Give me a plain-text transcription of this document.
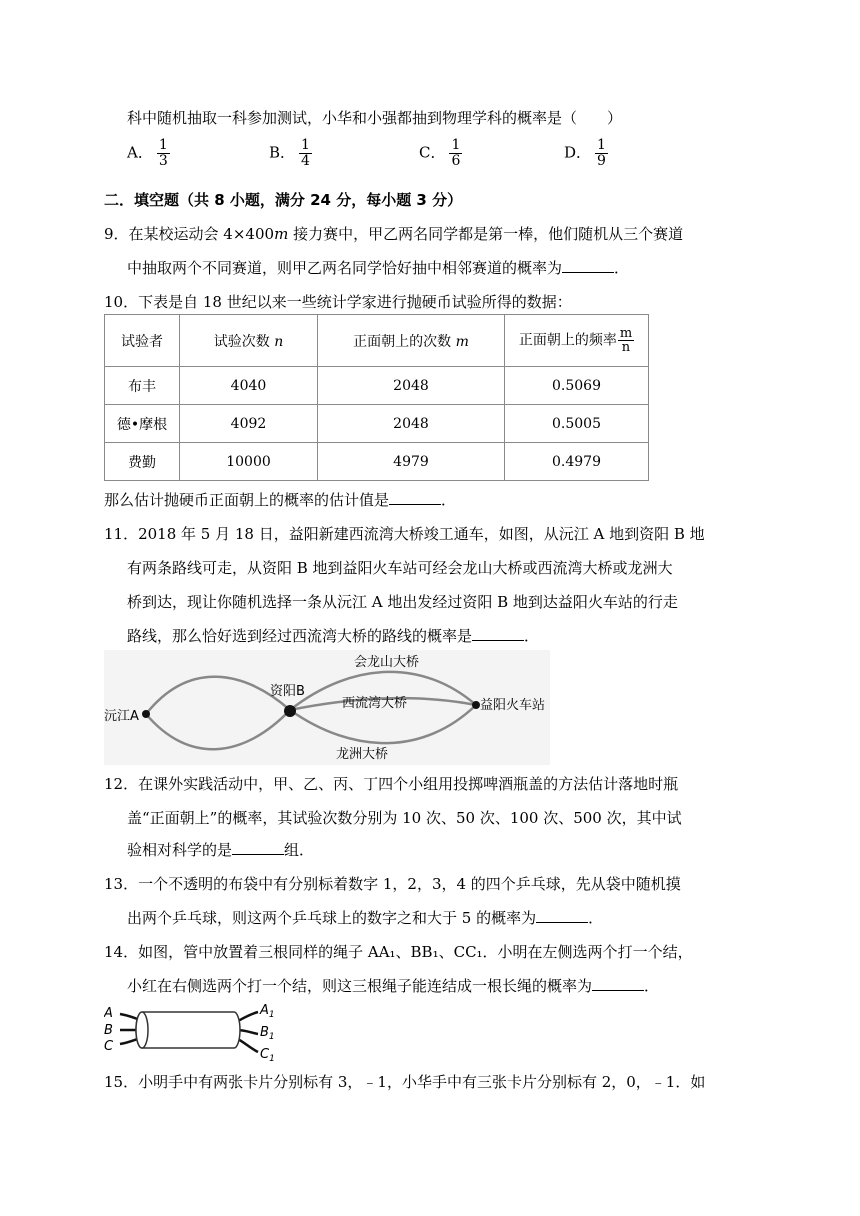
科中随机抽取一科参加测试，小华和小强都抽到物理学科的概率是（　　）
A． $\frac{1}{3}$	B． $\frac{1}{4}$	C． $\frac{1}{6}$	D． $\frac{1}{9}$
二．填空题（共 8 小题，满分 24 分，每小题 3 分）
9．在某校运动会 4×400m 接力赛中，甲乙两名同学都是第一棒，他们随机从三个赛道
中抽取两个不同赛道，则甲乙两名同学恰好抽中相邻赛道的概率为	．
10．下表是自 18 世纪以来一些统计学家进行抛硬币试验所得的数据：
试验者	试验次数 n	正面朝上的次数 m	正面朝上的频率 $\frac{m}{n}$

布丰	4040	2048	0.5069
德•摩根	4092	2048	0.5005
费勤	10000	4979	0.4979
那么估计抛硬币正面朝上的概率的估计值是	．
11．2018 年 5 月 18 日，益阳新建西流湾大桥竣工通车，如图，从沅江 A 地到资阳 B 地
有两条路线可走，从资阳 B 地到益阳火车站可经会龙山大桥或西流湾大桥或龙洲大
桥到达，现让你随机选择一条从沅江 A 地出发经过资阳 B 地到达益阳火车站的行走
路线，那么恰好选到经过西流湾大桥的路线的概率是	．
沅江A
资阳B
益阳火车站
会龙山大桥
西流湾大桥
龙洲大桥
12．在课外实践活动中，甲、乙、丙、丁四个小组用投掷啤酒瓶盖的方法估计落地时瓶
盖“正面朝上”的概率，其试验次数分别为 10 次、50 次、100 次、500 次，其中试
验相对科学的是	组．
13．一个不透明的布袋中有分别标着数字 1，2，3，4 的四个乒乓球，先从袋中随机摸
出两个乒乓球，则这两个乒乓球上的数字之和大于 5 的概率为	．
14．如图，管中放置着三根同样的绳子 AA₁、BB₁、CC₁．小明在左侧选两个打一个结，
小红在右侧选两个打一个结，则这三根绳子能连结成一根长绳的概率为	．
A
B
C
$A_1$
$B_1$
$C_1$
15．小明手中有两张卡片分别标有 3，﹣1，小华手中有三张卡片分别标有 2，0，﹣1．如
